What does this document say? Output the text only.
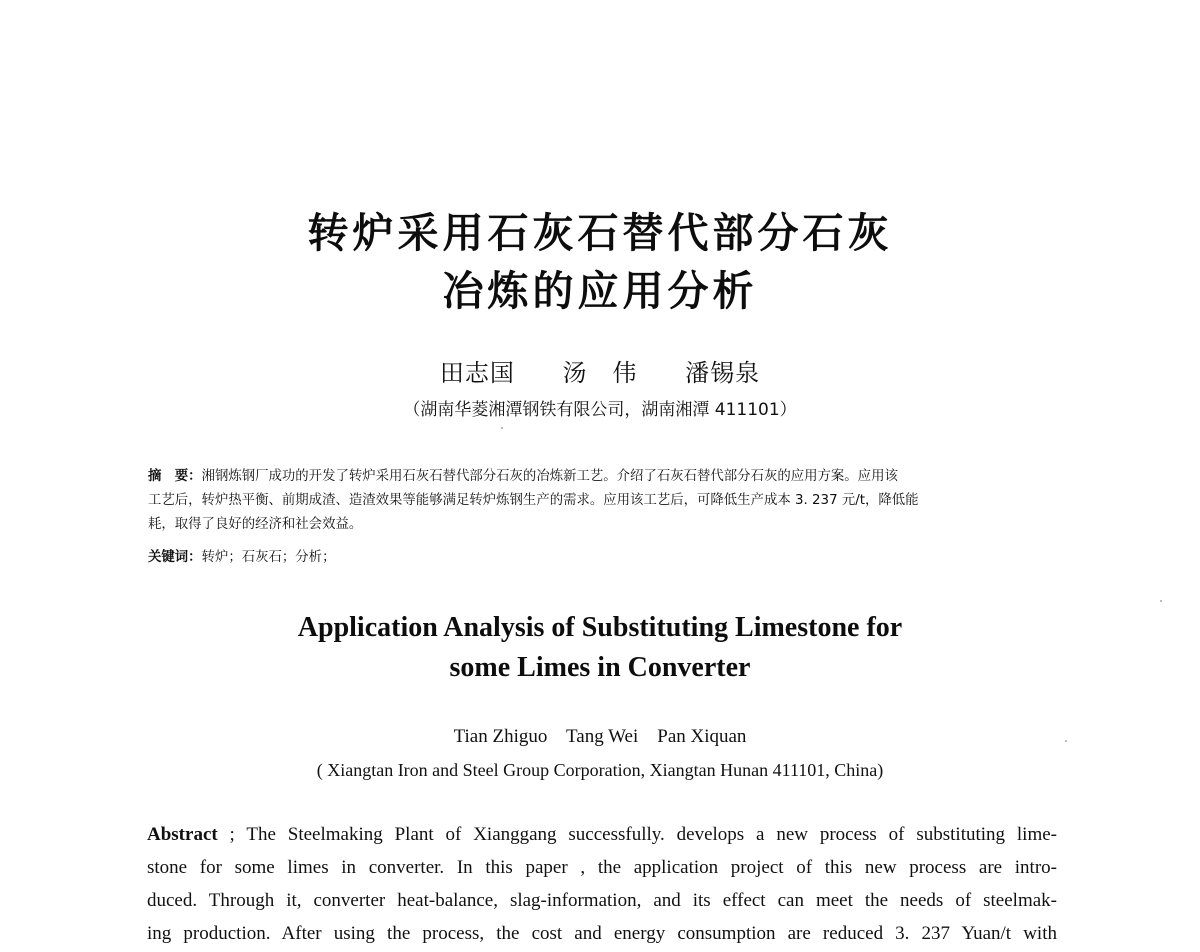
转炉采用石灰石替代部分石灰
冶炼的应用分析
田志国　 汤　伟　 潘锡泉
（湖南华菱湘潭钢铁有限公司，湖南湘潭 411101）

摘　要：湘钢炼钢厂成功的开发了转炉采用石灰石替代部分石灰的冶炼新工艺。介绍了石灰石替代部分石灰的应用方案。应用该

工艺后，转炉热平衡、前期成渣、造渣效果等能够满足转炉炼钢生产的需求。应用该工艺后，可降低生产成本 3. 237 元/t，降低能

耗，取得了良好的经济和社会效益。

关键词：转炉；石灰石；分析；
Application Analysis of Substituting Limestone for
some Limes in Converter
Tian Zhiguo    Tang Wei    Pan Xiquan
( Xiangtan Iron and Steel Group Corporation, Xiangtan Hunan 411101, China)
Abstract ; The Steelmaking Plant of Xianggang successfully. develops a new process of substituting lime-
stone for some limes in converter. In this paper , the application project of this new process are intro-
duced. Through it, converter heat-balance, slag-information, and its effect can meet the needs of steelmak-
ing production. After using the process, the cost and energy consumption are reduced 3. 237 Yuan/t with
